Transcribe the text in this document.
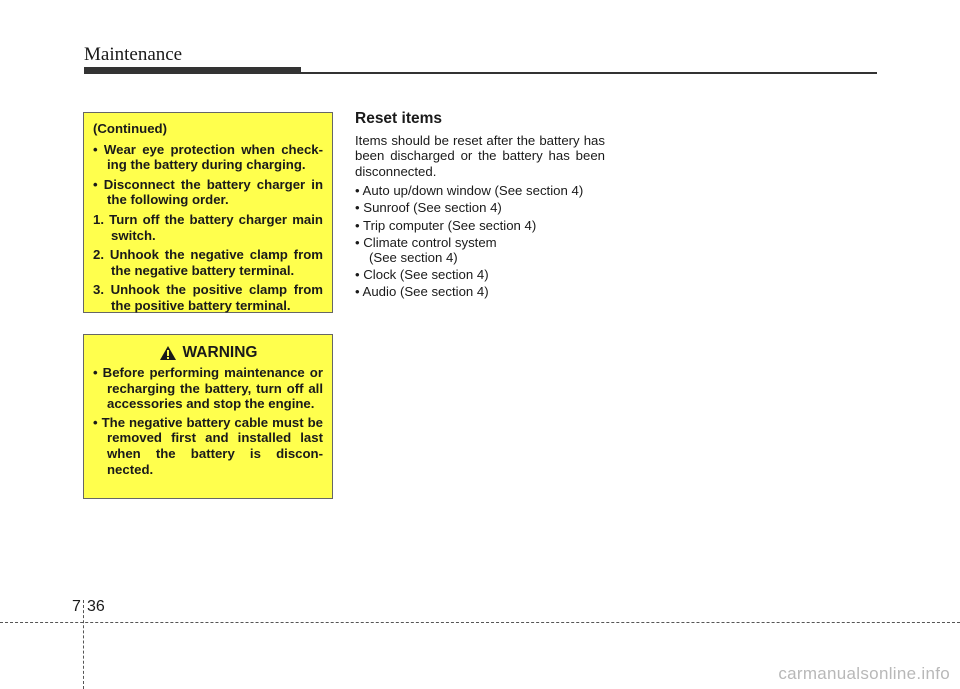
Maintenance

(Continued)

• Wear eye protection when check-ing the battery during charging.

• Disconnect the battery charger in the following order.

1. Turn off the battery charger main switch.

2. Unhook the negative clamp from the negative battery terminal.

3. Unhook the positive clamp from the positive battery terminal.

WARNING

• Before performing maintenance or recharging the battery, turn off all accessories and stop the engine.

• The negative battery cable must be removed first and installed last when the battery is discon-nected.

Reset items

Items should be reset after the battery has been discharged or the battery has been disconnected.

• Auto up/down window (See section 4)
• Sunroof (See section 4)
• Trip computer (See section 4)
• Climate control system
(See section 4)
• Clock (See section 4)
• Audio (See section 4)
7 36
carmanualsonline.info
